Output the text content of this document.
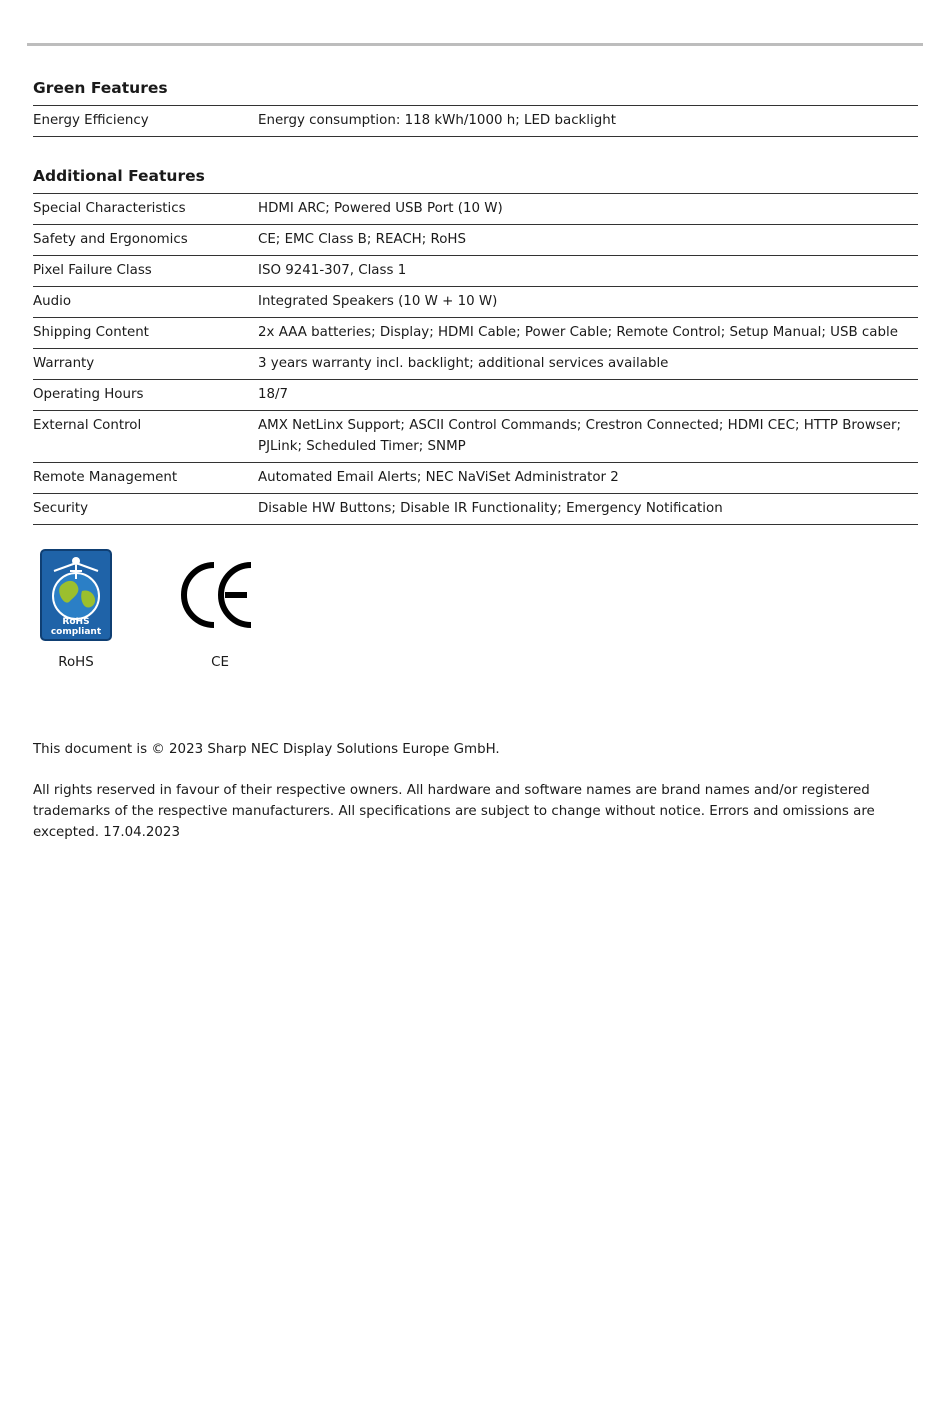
Green Features
Energy Efficiency	Energy consumption: 118 kWh/1000 h; LED backlight
Additional Features
Special Characteristics	HDMI ARC; Powered USB Port (10 W)
Safety and Ergonomics	CE; EMC Class B; REACH; RoHS
Pixel Failure Class	ISO 9241-307, Class 1
Audio	Integrated Speakers (10 W + 10 W)
Shipping Content	2x AAA batteries; Display; HDMI Cable; Power Cable; Remote Control; Setup Manual; USB cable
Warranty	3 years warranty incl. backlight; additional services available
Operating Hours	18/7
External Control	AMX NetLinx Support; ASCII Control Commands; Crestron Connected; HDMI CEC; HTTP Browser; PJLink; Scheduled Timer; SNMP
Remote Management	Automated Email Alerts; NEC NaViSet Administrator 2
Security	Disable HW Buttons; Disable IR Functionality; Emergency Notification
RoHS
compliant
RoHS	CE

This document is © 2023 Sharp NEC Display Solutions Europe GmbH.

All rights reserved in favour of their respective owners. All hardware and software names are brand names and/or registered trademarks of the respective manufacturers. All specifications are subject to change without notice. Errors and omissions are excepted. 17.04.2023
